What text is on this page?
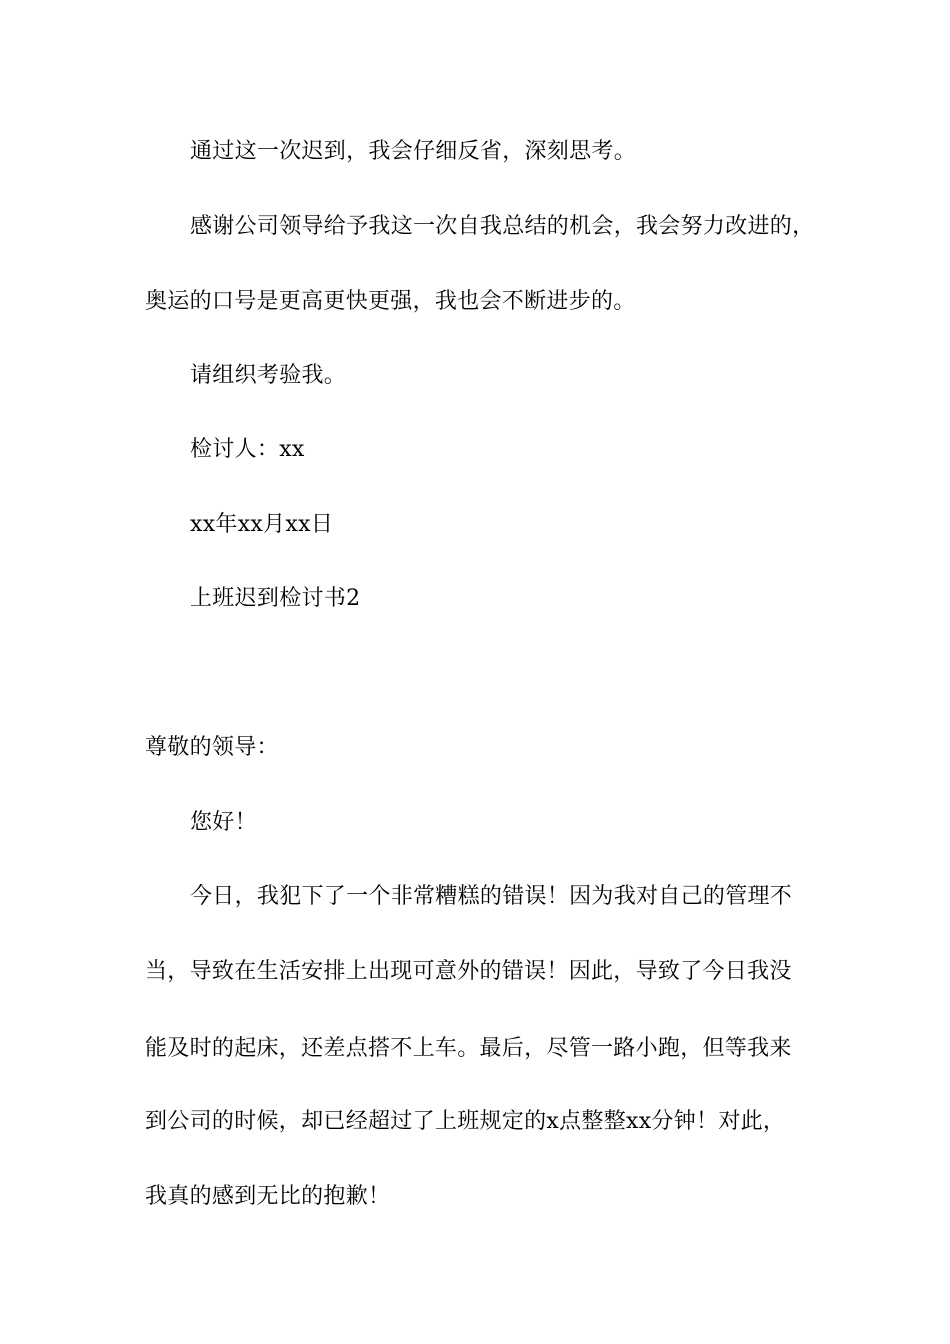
通过这一次迟到，我会仔细反省，深刻思考。
感谢公司领导给予我这一次自我总结的机会，我会努力改进的，
奥运的口号是更高更快更强，我也会不断进步的。
请组织考验我。
检讨人：xx
xx年xx月xx日
上班迟到检讨书2
尊敬的领导：
您好！
今日，我犯下了一个非常糟糕的错误！因为我对自己的管理不
当，导致在生活安排上出现可意外的错误！因此，导致了今日我没
能及时的起床，还差点搭不上车。最后，尽管一路小跑，但等我来
到公司的时候，却已经超过了上班规定的x点整整xx分钟！对此，
我真的感到无比的抱歉！
